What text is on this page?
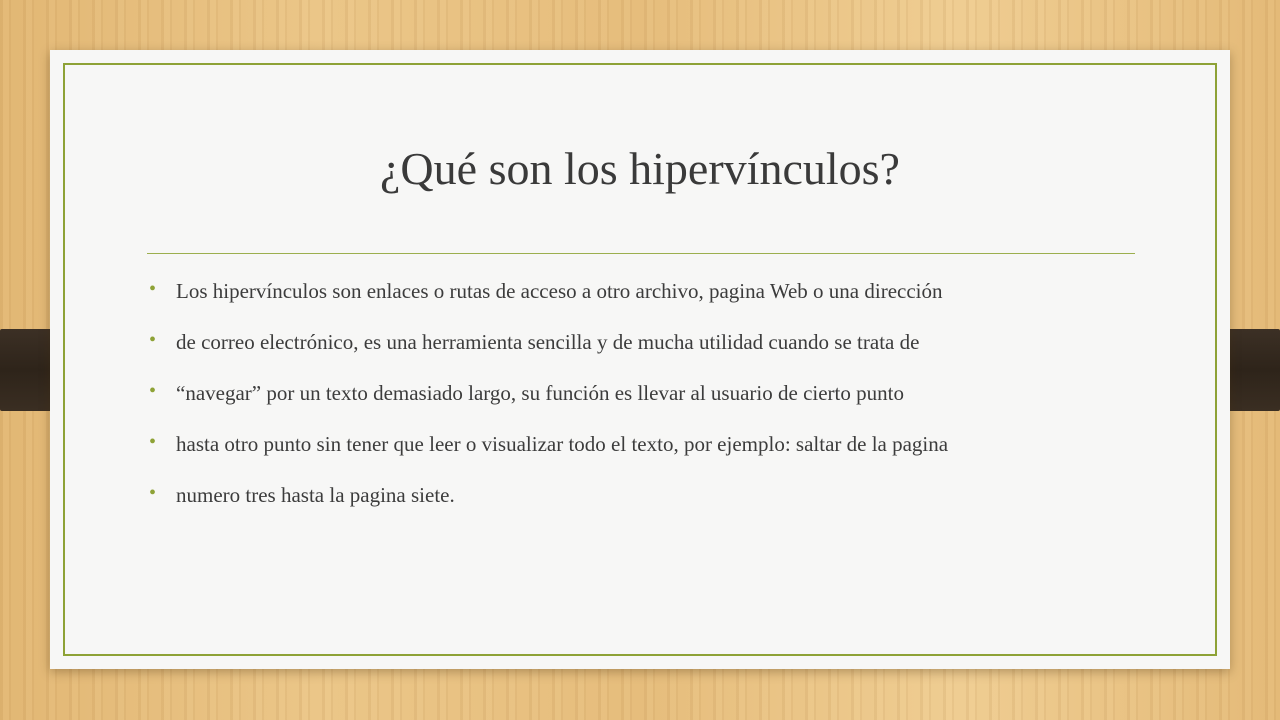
¿Qué son los hipervínculos?
• Los hipervínculos son enlaces o rutas de acceso a otro archivo, pagina Web o una dirección
• de correo electrónico, es una herramienta sencilla y de mucha utilidad cuando se trata de
• “navegar” por un texto demasiado largo, su función es llevar al usuario de cierto punto
• hasta otro punto sin tener que leer o visualizar todo el texto, por ejemplo: saltar de la pagina
• numero tres hasta la pagina siete.
